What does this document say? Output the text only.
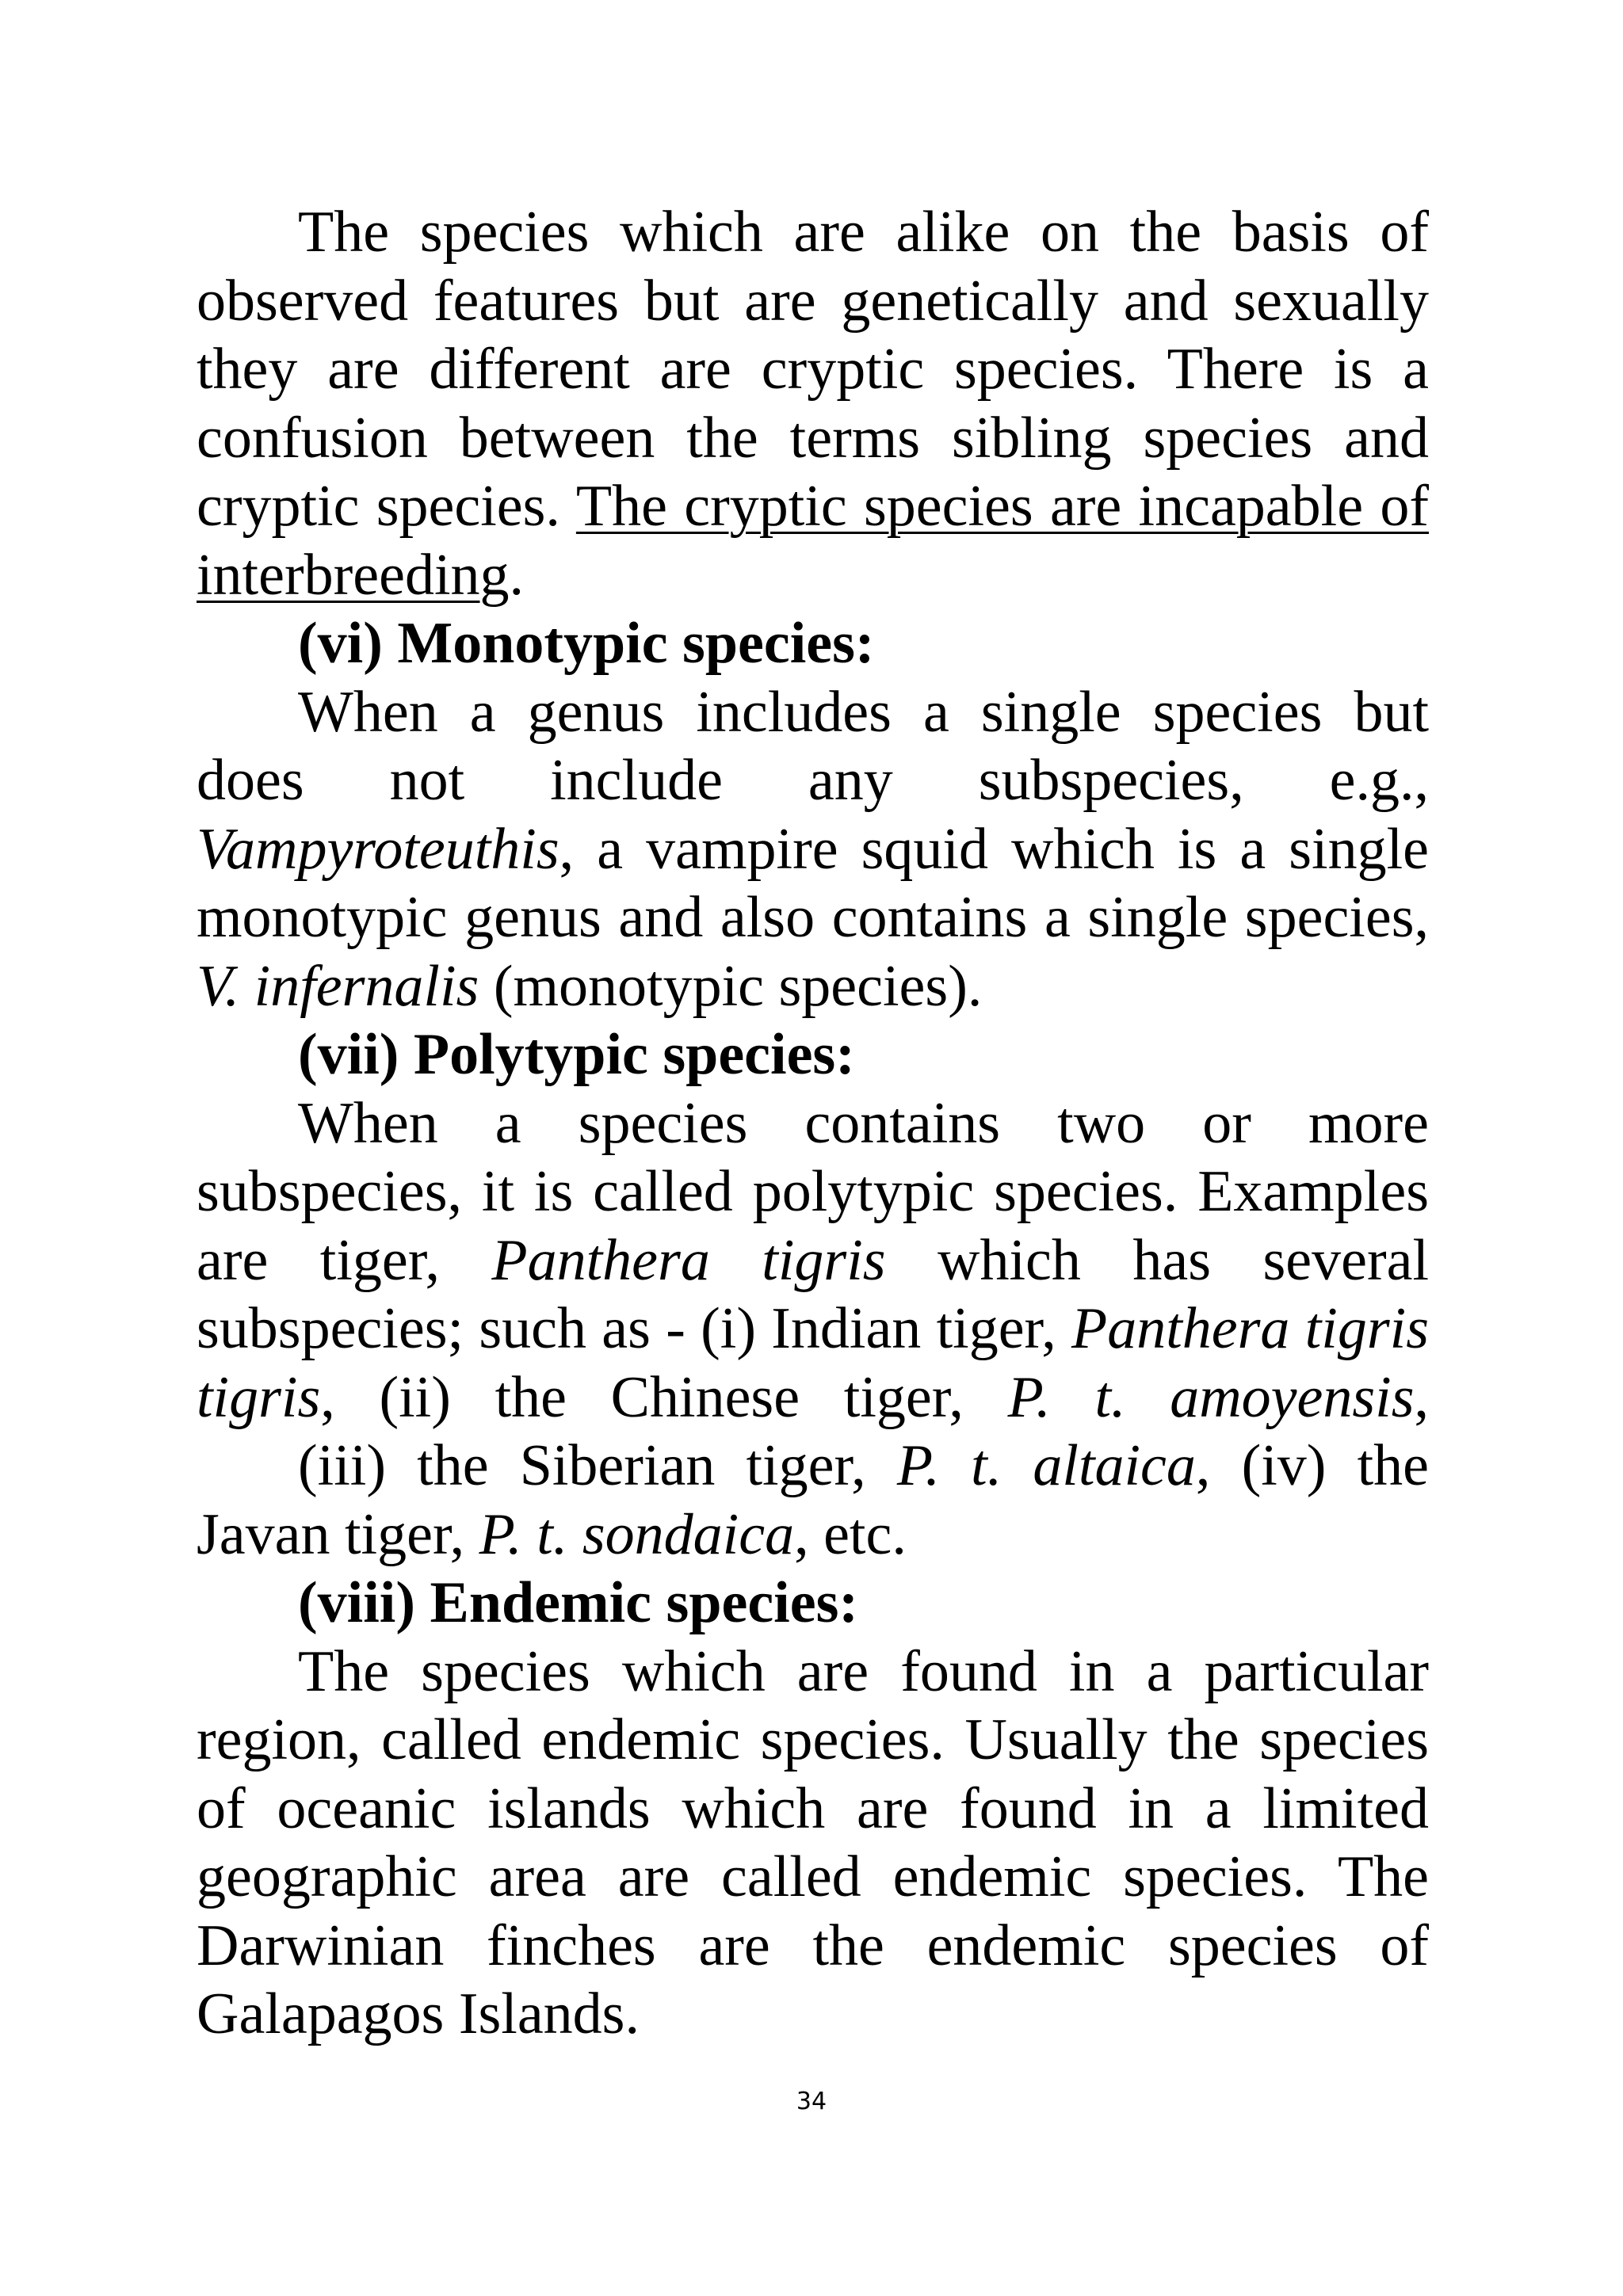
The species which are alike on the basis of observed features but are genetically and sexually they are different are cryptic species. There is a confusion between the terms sibling species and cryptic species. The cryptic species are incapable of interbreeding.

(vi) Monotypic species:

When a genus includes a single species but does not include any subspecies, e.g., Vampyroteuthis, a vampire squid which is a single monotypic genus and also contains a single species, V. infernalis (monotypic species).

(vii) Polytypic species:

When a species contains two or more subspecies, it is called polytypic species. Examples are tiger, Panthera tigris which has several subspecies; such as - (i) Indian tiger, Panthera tigris tigris, (ii) the Chinese tiger, P. t. amoyensis,

(iii) the Siberian tiger, P. t. altaica, (iv) the Javan tiger, P. t. sondaica, etc.

(viii) Endemic species:

The species which are found in a particular region, called endemic species. Usually the species of oceanic islands which are found in a limited geographic area are called endemic species. The Darwinian finches are the endemic species of Galapagos Islands.

34
